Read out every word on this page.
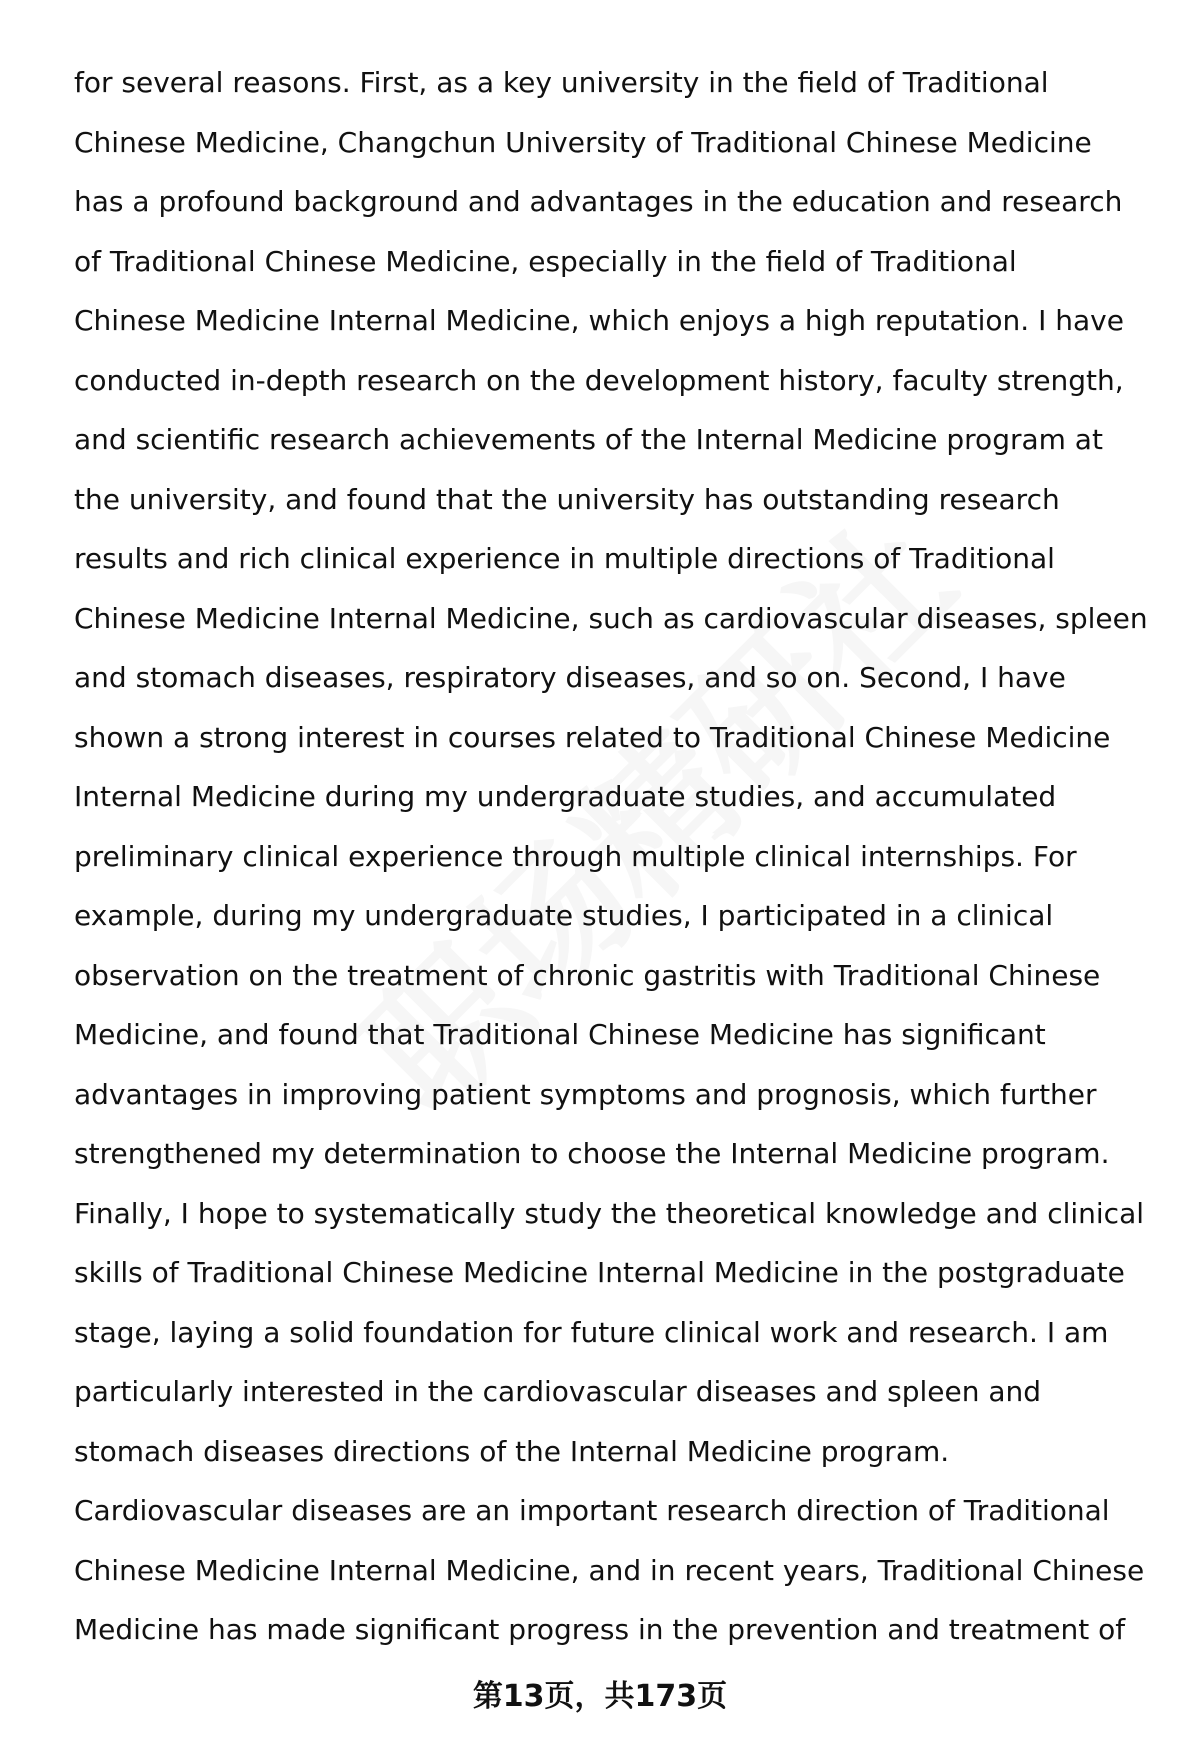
for several reasons. First, as a key university in the field of Traditional
Chinese Medicine, Changchun University of Traditional Chinese Medicine
has a profound background and advantages in the education and research
of Traditional Chinese Medicine, especially in the field of Traditional
Chinese Medicine Internal Medicine, which enjoys a high reputation. I have
conducted in-depth research on the development history, faculty strength,
and scientific research achievements of the Internal Medicine program at
the university, and found that the university has outstanding research
results and rich clinical experience in multiple directions of Traditional
Chinese Medicine Internal Medicine, such as cardiovascular diseases, spleen
and stomach diseases, respiratory diseases, and so on. Second, I have
shown a strong interest in courses related to Traditional Chinese Medicine
Internal Medicine during my undergraduate studies, and accumulated
preliminary clinical experience through multiple clinical internships. For
example, during my undergraduate studies, I participated in a clinical
observation on the treatment of chronic gastritis with Traditional Chinese
Medicine, and found that Traditional Chinese Medicine has significant
advantages in improving patient symptoms and prognosis, which further
strengthened my determination to choose the Internal Medicine program.
Finally, I hope to systematically study the theoretical knowledge and clinical
skills of Traditional Chinese Medicine Internal Medicine in the postgraduate
stage, laying a solid foundation for future clinical work and research. I am
particularly interested in the cardiovascular diseases and spleen and
stomach diseases directions of the Internal Medicine program.
Cardiovascular diseases are an important research direction of Traditional
Chinese Medicine Internal Medicine, and in recent years, Traditional Chinese
Medicine has made significant progress in the prevention and treatment of
第13页，共173页
